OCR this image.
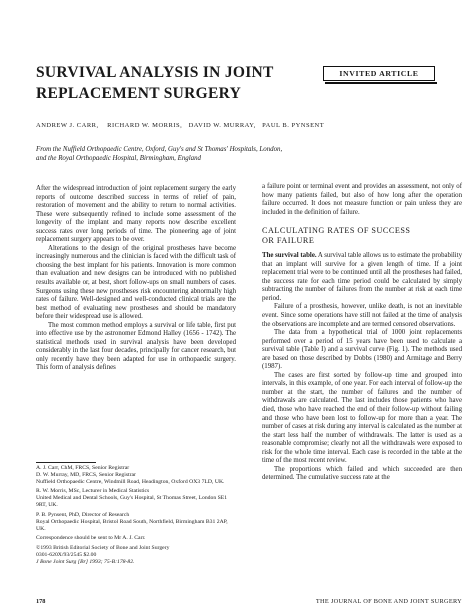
SURVIVAL ANALYSIS IN JOINT
REPLACEMENT SURGERY
INVITED ARTICLE
ANDREW J. CARR,    RICHARD W. MORRIS,   DAVID W. MURRAY,   PAUL B. PYNSENT
From the Nuffield Orthopaedic Centre, Oxford, Guy's and St Thomas' Hospitals, London,
and the Royal Orthopaedic Hospital, Birmingham, England

After the widespread introduction of joint replacement surgery the early reports of outcome described success in terms of relief of pain, restoration of movement and the ability to return to normal activities. These were subsequently refined to include some assessment of the longevity of the implant and many reports now describe excellent success rates over long periods of time. The pioneering age of joint replacement surgery appears to be over.

Alterations to the design of the original prostheses have become increasingly numerous and the clinician is faced with the difficult task of choosing the best implant for his patients. Innovation is more common than evaluation and new designs can be introduced with no published results available or, at best, short follow-ups on small numbers of cases. Surgeons using these new prostheses risk encountering abnormally high rates of failure. Well-designed and well-conducted clinical trials are the best method of evaluating new prostheses and should be mandatory before their widespread use is allowed.

The most common method employs a survival or life table, first put into effective use by the astronomer Edmond Halley (1656 - 1742). The statistical methods used in survival analysis have been developed considerably in the last four decades, principally for cancer research, but only recently have they been adapted for use in orthopaedic surgery. This form of analysis defines

A. J. Carr, ChM, FRCS, Senior Registrar
D. W. Murray, MD, FRCS, Senior Registrar
Nuffield Orthopaedic Centre, Windmill Road, Headington, Oxford OX3 7LD, UK.
R. W. Morris, MSc, Lecturer in Medical Statistics
United Medical and Dental Schools, Guy's Hospital, St Thomas Street, London SE1 9RT, UK.
P. B. Pynsent, PhD, Director of Research
Royal Orthopaedic Hospital, Bristol Road South, Northfield, Birmingham B31 2AP, UK.
Correspondence should be sent to Mr A. J. Carr.
©1993 British Editorial Society of Bone and Joint Surgery
0301-620X/93/2545 $2.00
J Bone Joint Surg [Br] 1993; 75-B:178-82.

a failure point or terminal event and provides an assessment, not only of how many patients failed, but also of how long after the operation failure occurred. It does not measure function or pain unless they are included in the definition of failure.

CALCULATING RATES OF SUCCESS
OR FAILURE

The survival table. A survival table allows us to estimate the probability that an implant will survive for a given length of time. If a joint replacement trial were to be continued until all the prostheses had failed, the success rate for each time period could be calculated by simply subtracting the number of failures from the number at risk at each time period.

Failure of a prosthesis, however, unlike death, is not an inevitable event. Since some operations have still not failed at the time of analysis the observations are incomplete and are termed censored observations.

The data from a hypothetical trial of 1000 joint replacements performed over a period of 15 years have been used to calculate a survival table (Table I) and a survival curve (Fig. 1). The methods used are based on those described by Dobbs (1980) and Armitage and Berry (1987).

The cases are first sorted by follow-up time and grouped into intervals, in this example, of one year. For each interval of follow-up the number at the start, the number of failures and the number of withdrawals are calculated. The last includes those patients who have died, those who have reached the end of their follow-up without failing and those who have been lost to follow-up for more than a year. The number of cases at risk during any interval is calculated as the number at the start less half the number of withdrawals. The latter is used as a reasonable compromise; clearly not all the withdrawals were exposed to risk for the whole time interval. Each case is recorded in the table at the time of the most recent review.

The proportions which failed and which succeeded are then determined. The cumulative success rate at the

178	THE JOURNAL OF BONE AND JOINT SURGERY
